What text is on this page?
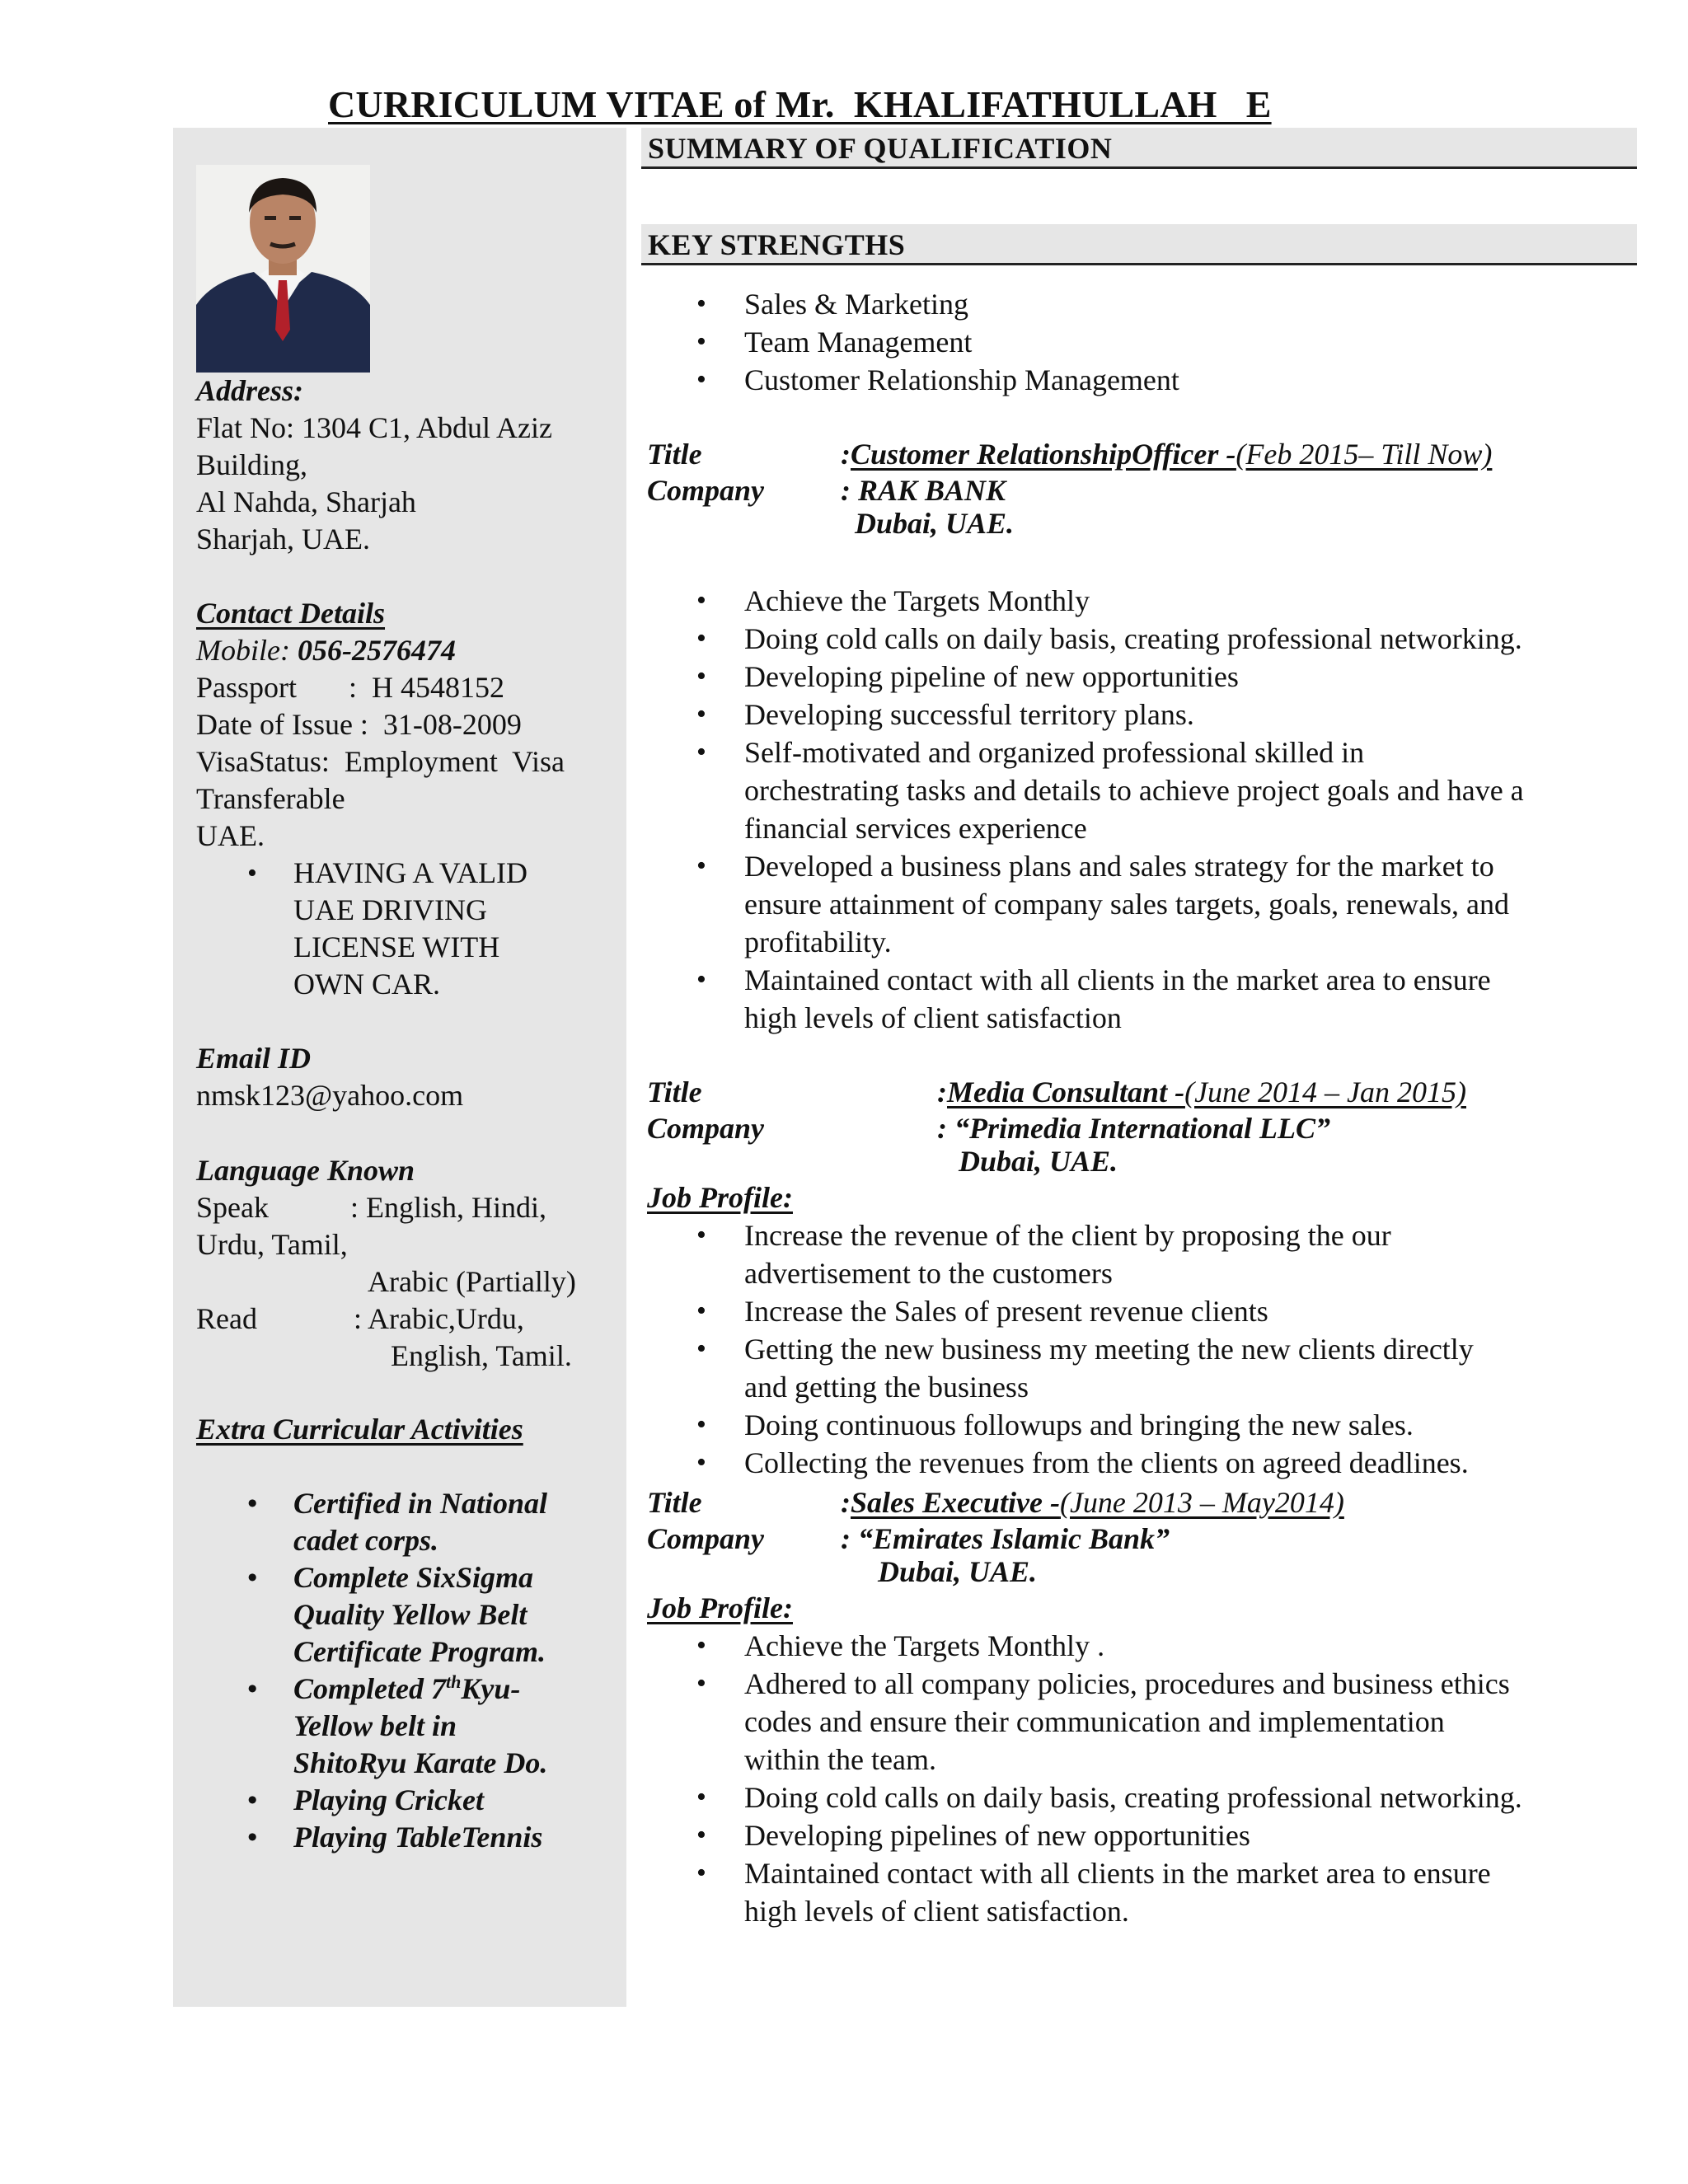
CURRICULUM VITAE of Mr.  KHALIFATHULLAH   E

Address:

Flat No: 1304 C1, Abdul Aziz

Building,

Al Nahda, Sharjah

Sharjah, UAE.

Contact Details

Mobile: 056-2576474

Passport       :  H 4548152

Date of Issue :  31-08-2009

VisaStatus:  Employment  Visa

Transferable

UAE.

• HAVING A VALID
UAE DRIVING
LICENSE WITH
OWN CAR.

Email ID

nmsk123@yahoo.com

Language Known

Speak           : English, Hindi,

Urdu, Tamil,

Arabic (Partially)

Read             : Arabic,Urdu,

English, Tamil.

Extra Curricular Activities

• Certified in National
cadet corps.
• Complete SixSigma
Quality Yellow Belt
Certificate Program.
• Completed 7thKyu-
Yellow belt in
ShitoRyu Karate Do.
• Playing Cricket
• Playing TableTennis
SUMMARY OF QUALIFICATION
KEY STRENGTHS
• Sales & Marketing
• Team Management
• Customer Relationship Management
Title	:Customer RelationshipOfficer - (Feb 2015– Till Now)
Company	: RAK BANK
Dubai, UAE.
• Achieve the Targets Monthly
• Doing cold calls on daily basis, creating professional networking.
• Developing pipeline of new opportunities
• Developing successful territory plans.
• Self-motivated and organized professional skilled in
orchestrating tasks and details to achieve project goals and have a
financial services experience
• Developed a business plans and sales strategy for the market to
ensure attainment of company sales targets, goals, renewals, and
profitability.
• Maintained contact with all clients in the market area to ensure
high levels of client satisfaction
Title	:Media Consultant - (June 2014 – Jan 2015)
Company	: “Primedia International LLC”
Dubai, UAE.
Job Profile:
• Increase the revenue of the client by proposing the our
advertisement to the customers
• Increase the Sales of present revenue clients
• Getting the new business my meeting the new clients directly
and getting the business
• Doing continuous followups and bringing the new sales.
• Collecting the revenues from the clients on agreed deadlines.
Title	:Sales Executive - (June 2013 – May2014)
Company	: “Emirates Islamic Bank”
Dubai, UAE.
Job Profile:
• Achieve the Targets Monthly .
• Adhered to all company policies, procedures and business ethics
codes and ensure their communication and implementation
within the team.
• Doing cold calls on daily basis, creating professional networking.
• Developing pipelines of new opportunities
• Maintained contact with all clients in the market area to ensure
high levels of client satisfaction.
